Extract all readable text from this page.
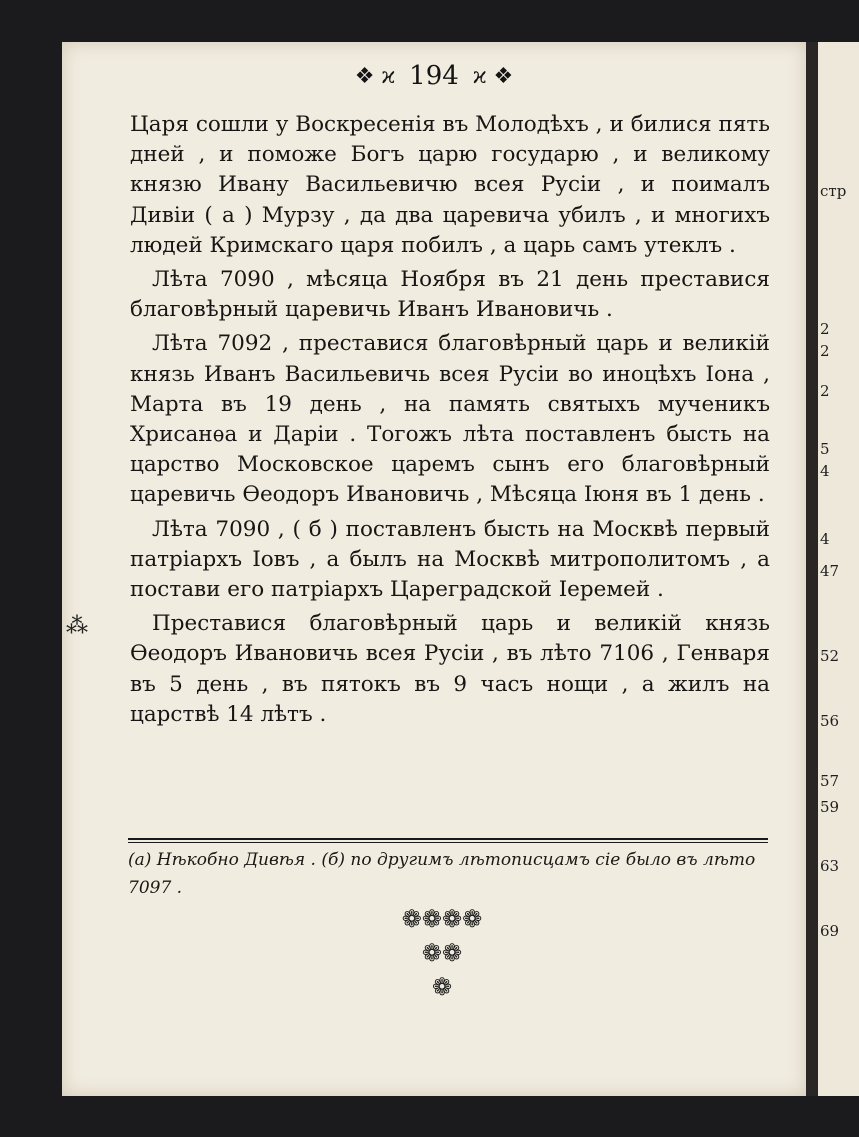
❖ ϰ 194 ϰ ❖
⁂

Царя сошли у Воскресенія въ Молодѣхъ , и билися пять дней , и поможе Богъ царю государю , и великому князю Ивану Васильевичю всея Русіи , и поималъ Дивіи ( а ) Мурзу , да два царевича убилъ , и многихъ людей Кримскаго царя побилъ , а царь самъ утеклъ .

Лѣта 7090 , мѣсяца Ноября въ 21 день преставися благовѣрный царевичь Иванъ Ивановичь .

Лѣта 7092 , преставися благовѣрный царь и великій князь Иванъ Васильевичь всея Русіи во иноцѣхъ Іона , Марта въ 19 день , на память святыхъ мученикъ Хрисанѳа и Даріи . Тогожъ лѣта поставленъ бысть на царство Московское царемъ сынъ его благовѣрный царевичь Ѳеодоръ Ивановичь , Мѣсяца Іюня въ 1 день .

Лѣта 7090 , ( б ) поставленъ бысть на Москвѣ первый патріархъ Іовъ , а былъ на Москвѣ митрополитомъ , а постави его патріархъ Цареградской Іеремей .

Преставися благовѣрный царь и великій князь Ѳеодоръ Ивановичь всея Русіи , въ лѣто 7106 , Генваря въ 5 день , въ пятокъ въ 9 часъ нощи , а жилъ на царствѣ 14 лѣтъ .

(а) Нѣкобно Дивѣя . (б) по другимъ лѣтописцамъ сіе было въ лѣто 7097 .
❁❁❁❁
❁❁
❁
стр
2
2
2
5
4
4
47
52
56
57
59
63
69
